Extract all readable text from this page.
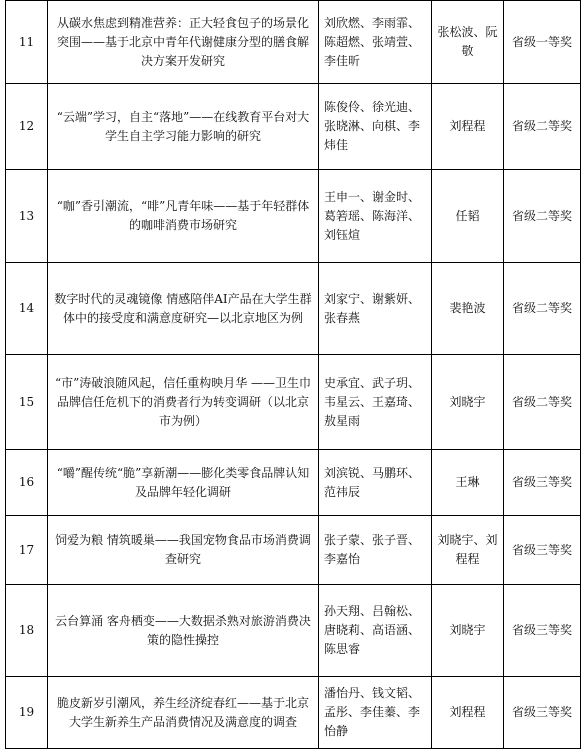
11	从碳水焦虑到精准营养：正大轻食包子的场景化突围——基于北京中青年代谢健康分型的膳食解决方案开发研究	刘欣燃、李雨霏、陈超燃、张靖萱、李佳昕	张松波、阮敬	省级一等奖
12	“云端”学习，自主“落地”——在线教育平台对大学生自主学习能力影响的研究	陈俊伶、徐光迪、张晓淋、向棋、李炜佳	刘程程	省级二等奖
13	“咖”香引潮流，“啡”凡青年味——基于年轻群体的咖啡消费市场研究	王申一、谢金时、葛箬瑶、陈海洋、刘钰煊	任韬	省级二等奖
14	数字时代的灵魂镜像 情感陪伴AI产品在大学生群体中的接受度和满意度研究—以北京地区为例	刘家宁、谢紫妍、张春燕	裴艳波	省级二等奖
15	“市”涛破浪随风起，信任重构映月华 ——卫生巾品牌信任危机下的消费者行为转变调研（以北京市为例）	史承宜、武子玥、韦星云、王嘉琦、敖星雨	刘晓宇	省级二等奖
16	“嚼”醒传统“脆”享新潮——膨化类零食品牌认知及品牌年轻化调研	刘滨锐、马鹏环、范祎辰	王琳	省级三等奖
17	饲爱为粮 情筑暖巢——我国宠物食品市场消费调查研究	张子蒙、张子晋、李嘉怡	刘晓宇、刘程程	省级三等奖
18	云台算涌 客舟栖变——大数据杀熟对旅游消费决策的隐性操控	孙天翔、吕翰松、唐晓莉、高语涵、陈思睿	刘晓宇	省级三等奖
19	脆皮新岁引潮风，养生经济绽春红——基于北京大学生新养生产品消费情况及满意度的调查	潘怡丹、钱文韬、孟彤、李佳蓁、李怡静	刘程程	省级三等奖
